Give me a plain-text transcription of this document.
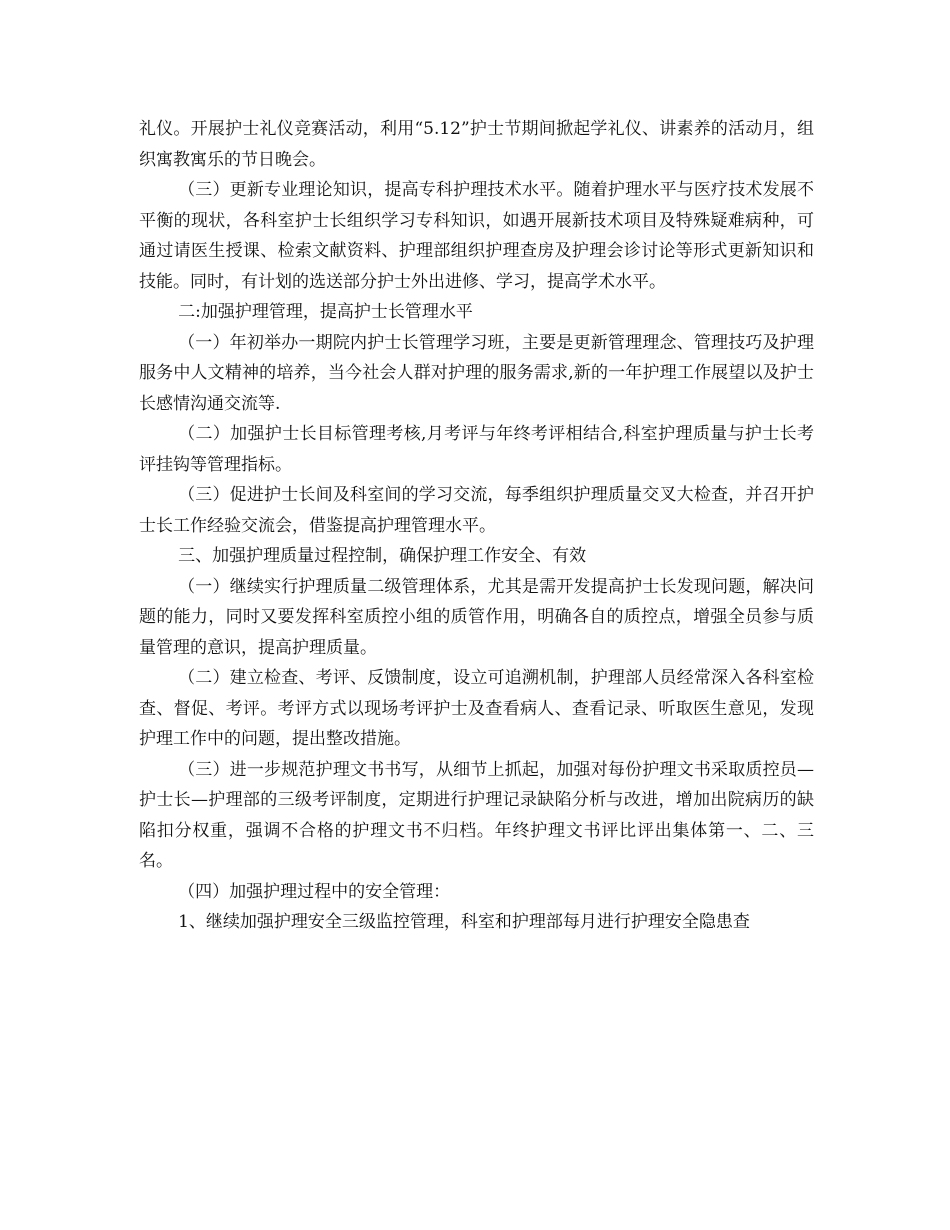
礼仪。开展护士礼仪竞赛活动，利用“5.12”护士节期间掀起学礼仪、讲素养的活动月，组织寓教寓乐的节日晚会。

（三）更新专业理论知识，提高专科护理技术水平。随着护理水平与医疗技术发展不平衡的现状，各科室护士长组织学习专科知识，如遇开展新技术项目及特殊疑难病种，可通过请医生授课、检索文献资料、护理部组织护理查房及护理会诊讨论等形式更新知识和技能。同时，有计划的选送部分护士外出进修、学习，提高学术水平。

二:加强护理管理，提高护士长管理水平

（一）年初举办一期院内护士长管理学习班，主要是更新管理理念、管理技巧及护理服务中人文精神的培养，当今社会人群对护理的服务需求,新的一年护理工作展望以及护士长感情沟通交流等.

（二）加强护士长目标管理考核,月考评与年终考评相结合,科室护理质量与护士长考评挂钩等管理指标。

（三）促进护士长间及科室间的学习交流，每季组织护理质量交叉大检查，并召开护士长工作经验交流会，借鉴提高护理管理水平。

三、加强护理质量过程控制，确保护理工作安全、有效

（一）继续实行护理质量二级管理体系，尤其是需开发提高护士长发现问题，解决问题的能力，同时又要发挥科室质控小组的质管作用，明确各自的质控点，增强全员参与质量管理的意识，提高护理质量。

（二）建立检查、考评、反馈制度，设立可追溯机制，护理部人员经常深入各科室检查、督促、考评。考评方式以现场考评护士及查看病人、查看记录、听取医生意见，发现护理工作中的问题，提出整改措施。

（三）进一步规范护理文书书写，从细节上抓起，加强对每份护理文书采取质控员—护士长—护理部的三级考评制度，定期进行护理记录缺陷分析与改进，增加出院病历的缺陷扣分权重，强调不合格的护理文书不归档。年终护理文书评比评出集体第一、二、三名。

（四）加强护理过程中的安全管理：

1、继续加强护理安全三级监控管理，科室和护理部每月进行护理安全隐患查
